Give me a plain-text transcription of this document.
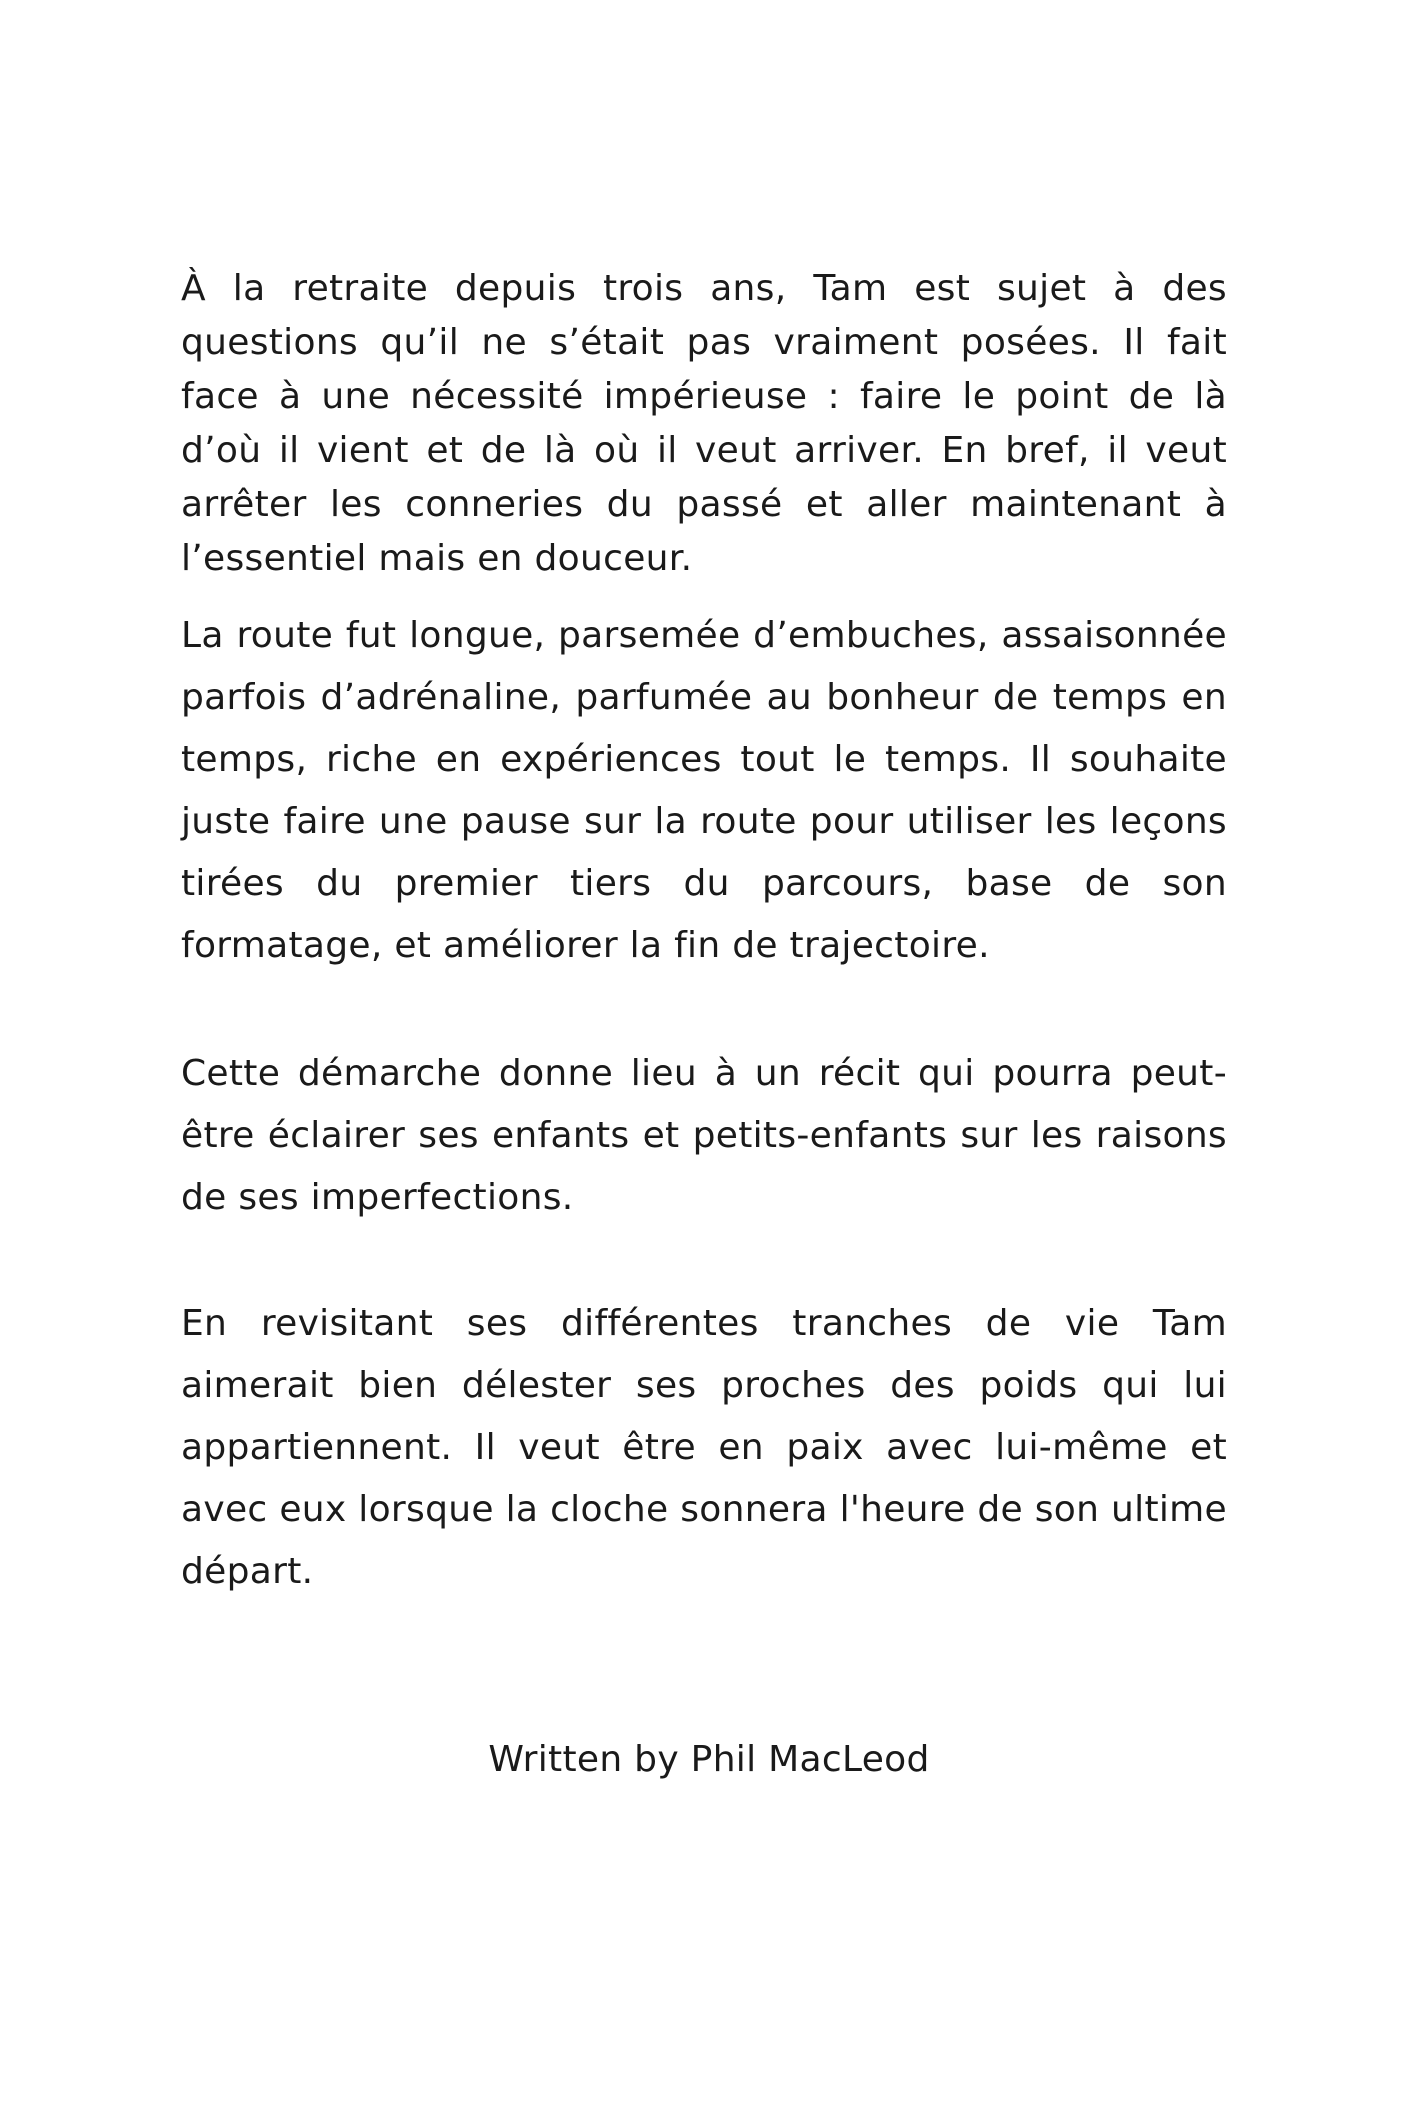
À la retraite depuis trois ans, Tam est sujet à des questions qu’il ne s’était pas vraiment posées. Il fait face à une nécessité impérieuse : faire le point de là d’où il vient et de là où il veut arriver. En bref, il veut arrêter les conneries du passé et aller maintenant à l’essentiel mais en douceur.

La route fut longue, parsemée d’embuches, assaisonnée parfois d’adrénaline, parfumée au bonheur de temps en temps, riche en expériences tout le temps. Il souhaite juste faire une pause sur la route pour utiliser les leçons tirées du premier tiers du parcours, base de son formatage, et améliorer la fin de trajectoire.

Cette démarche donne lieu à un récit qui pourra peut-être éclairer ses enfants et petits-enfants sur les raisons de ses imperfections.

En revisitant ses différentes tranches de vie Tam aimerait bien délester ses proches des poids qui lui appartiennent. Il veut être en paix avec lui-même et avec eux lorsque la cloche sonnera l'heure de son ultime départ.

Written by Phil MacLeod
